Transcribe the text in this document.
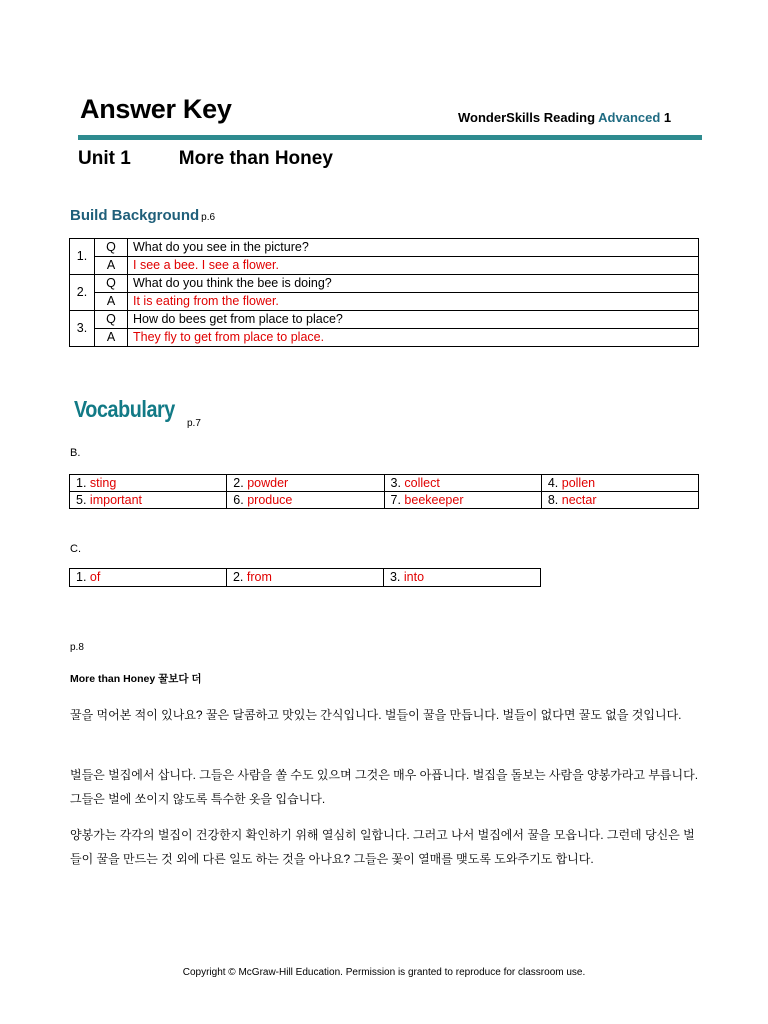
Answer Key	WonderSkills Reading Advanced 1
Unit 1	More than Honey
Build Background p.6
1.	Q	What do you see in the picture?
	A	I see a bee. I see a flower.
2.	Q	What do you think the bee is doing?
	A	It is eating from the flower.
3.	Q	How do bees get from place to place?
	A	They fly to get from place to place.
Vocabulary
p.7
B.
1. sting	2. powder	3. collect	4. pollen
5. important	6. produce	7. beekeeper	8. nectar
C.
1. of	2. from	3. into
p.8
More than Honey 꿀보다 더
꿀을 먹어본 적이 있나요? 꿀은 달콤하고 맛있는 간식입니다. 벌들이 꿀을 만듭니다. 벌들이 없다면 꿀도 없을 것입니다.
벌들은 벌집에서 삽니다. 그들은 사람을 쏠 수도 있으며 그것은 매우 아픕니다. 벌집을 돌보는 사람을 양봉가라고 부릅니다. 그들은 벌에 쏘이지 않도록 특수한 옷을 입습니다.
양봉가는 각각의 벌집이 건강한지 확인하기 위해 열심히 일합니다. 그러고 나서 벌집에서 꿀을 모읍니다. 그런데 당신은 벌들이 꿀을 만드는 것 외에 다른 일도 하는 것을 아나요? 그들은 꽃이 열매를 맺도록 도와주기도 합니다.
Copyright © McGraw-Hill Education. Permission is granted to reproduce for classroom use.
